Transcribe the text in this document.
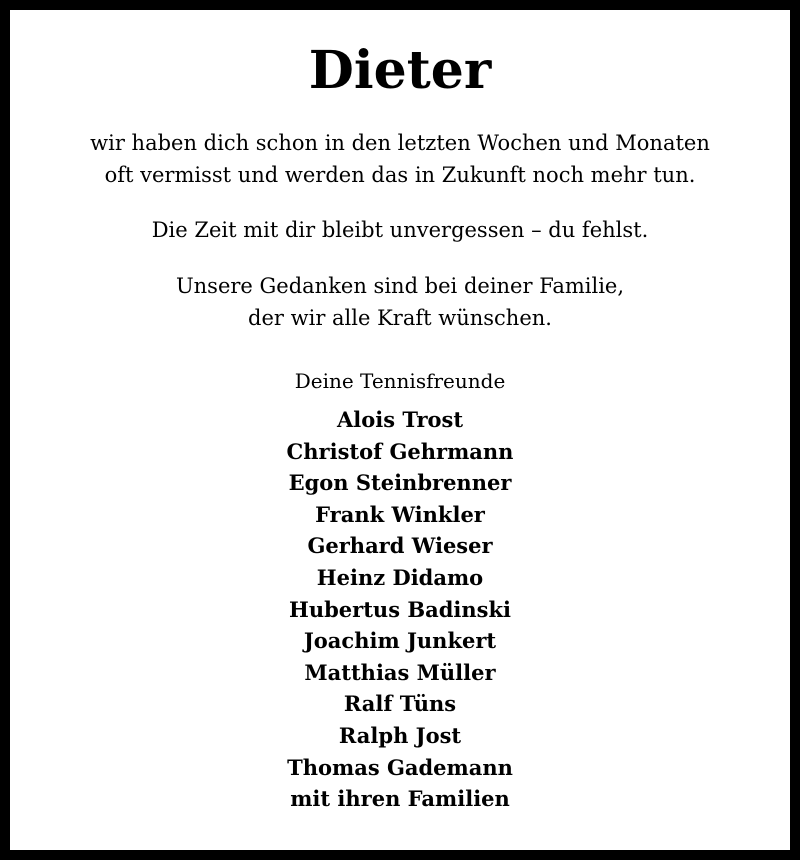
Dieter

wir haben dich schon in den letzten Wochen und Monaten
oft vermisst und werden das in Zukunft noch mehr tun.

Die Zeit mit dir bleibt unvergessen – du fehlst.

Unsere Gedanken sind bei deiner Familie,
der wir alle Kraft wünschen.

Deine Tennisfreunde

Alois Trost
Christof Gehrmann
Egon Steinbrenner
Frank Winkler
Gerhard Wieser
Heinz Didamo
Hubertus Badinski
Joachim Junkert
Matthias Müller
Ralf Tüns
Ralph Jost
Thomas Gademann
mit ihren Familien
